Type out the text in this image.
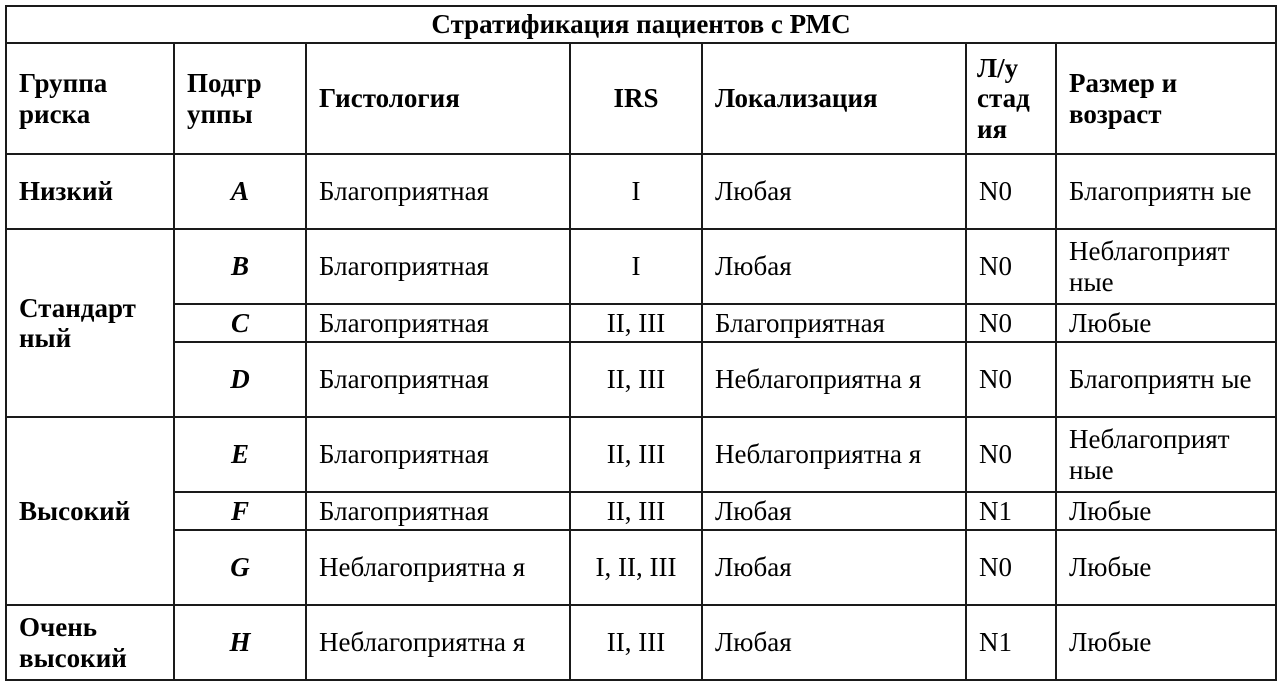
Стратификация пациентов с РМС						
Группа риска	Подгр уппы	Гистология	IRS	Локализация	Л/у стад ия	Размер и возраст
Низкий	A	Благоприятная	I	Любая	N0	Благоприятн ые
Стандарт ный	B	Благоприятная	I	Любая	N0	Неблагоприят ные
	C	Благоприятная	II, III	Благоприятная	N0	Любые
	D	Благоприятная	II, III	Неблагоприятна я	N0	Благоприятн ые
Высокий	E	Благоприятная	II, III	Неблагоприятна я	N0	Неблагоприят ные
	F	Благоприятная	II, III	Любая	N1	Любые
	G	Неблагоприятна я	I, II, III	Любая	N0	Любые
Очень высокий	H	Неблагоприятна я	II, III	Любая	N1	Любые
